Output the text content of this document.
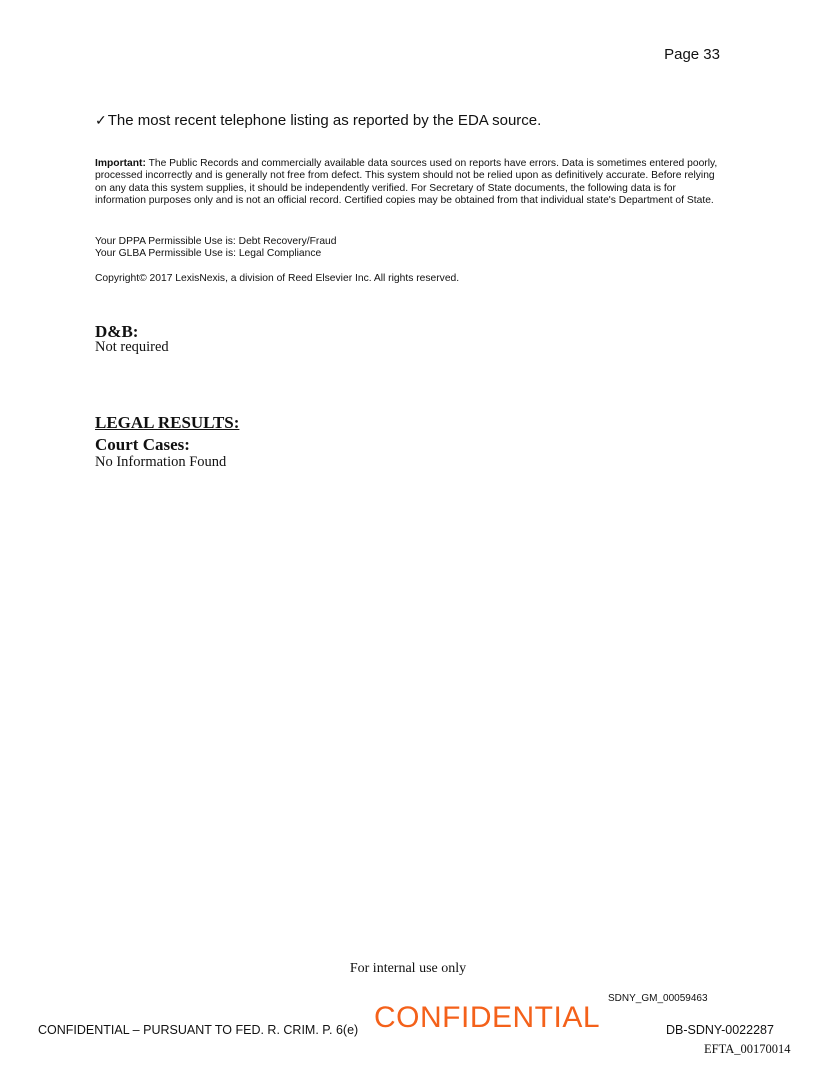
Page 33
✓The most recent telephone listing as reported by the EDA source.
Important: The Public Records and commercially available data sources used on reports have errors. Data is sometimes entered poorly, processed incorrectly and is generally not free from defect. This system should not be relied upon as definitively accurate. Before relying on any data this system supplies, it should be independently verified. For Secretary of State documents, the following data is for information purposes only and is not an official record. Certified copies may be obtained from that individual state's Department of State.
Your DPPA Permissible Use is: Debt Recovery/Fraud
Your GLBA Permissible Use is: Legal Compliance
Copyright© 2017 LexisNexis, a division of Reed Elsevier Inc. All rights reserved.
D&B:
Not required
LEGAL RESULTS:
Court Cases:
No Information Found
For internal use only
SDNY_GM_00059463
CONFIDENTIAL – PURSUANT TO FED. R. CRIM. P. 6(e) CONFIDENTIAL	DB-SDNY-0022287
EFTA_00170014
